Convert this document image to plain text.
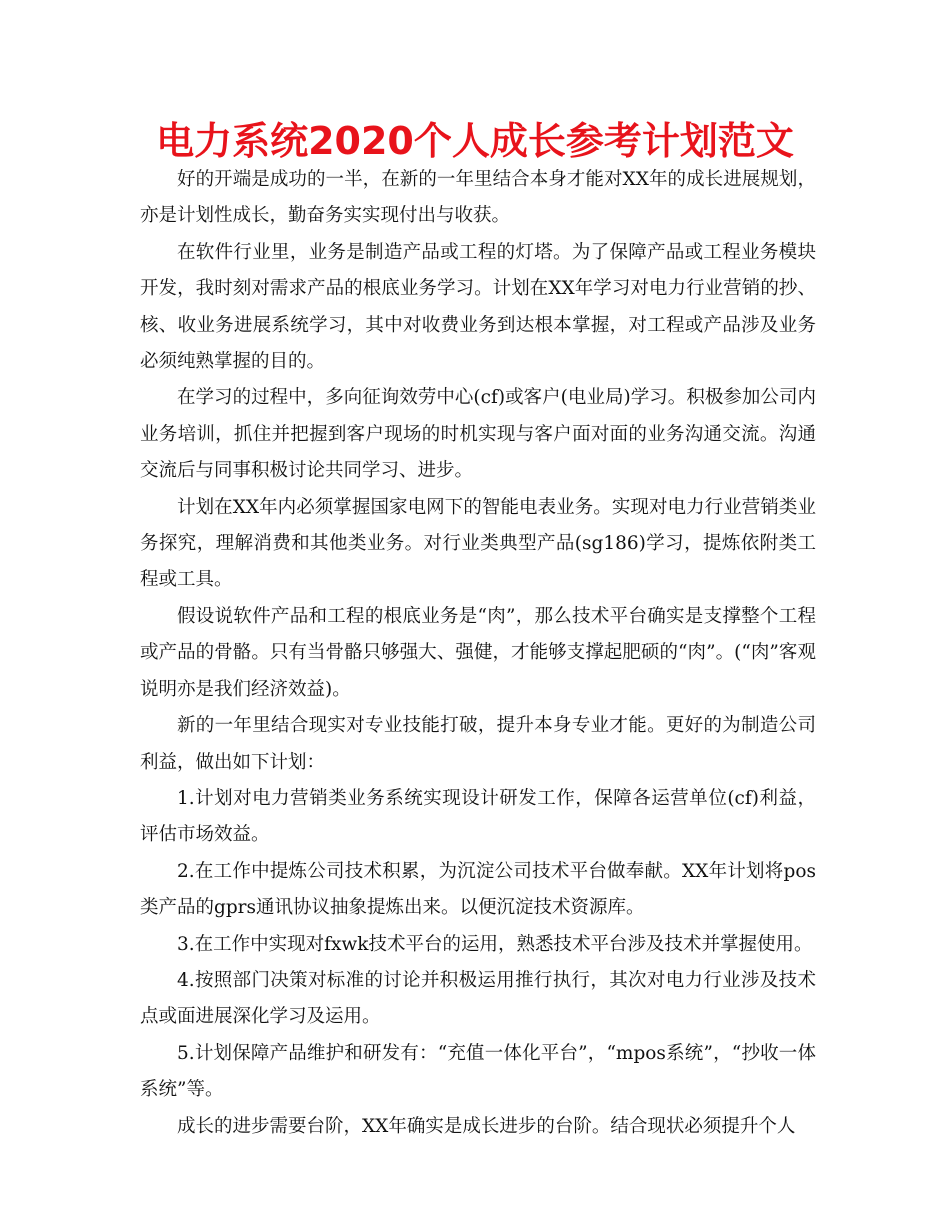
电力系统2020个人成长参考计划范文

好的开端是成功的一半，在新的一年里结合本身才能对XX年的成长进展规划，亦是计划性成长，勤奋务实实现付出与收获。

在软件行业里，业务是制造产品或工程的灯塔。为了保障产品或工程业务模块开发，我时刻对需求产品的根底业务学习。计划在XX年学习对电力行业营销的抄、核、收业务进展系统学习，其中对收费业务到达根本掌握，对工程或产品涉及业务必须纯熟掌握的目的。

在学习的过程中，多向征询效劳中心(cf)或客户(电业局)学习。积极参加公司内业务培训，抓住并把握到客户现场的时机实现与客户面对面的业务沟通交流。沟通交流后与同事积极讨论共同学习、进步。

计划在XX年内必须掌握国家电网下的智能电表业务。实现对电力行业营销类业务探究，理解消费和其他类业务。对行业类典型产品(sg186)学习，提炼依附类工程或工具。

假设说软件产品和工程的根底业务是“肉”，那么技术平台确实是支撑整个工程或产品的骨骼。只有当骨骼只够强大、强健，才能够支撑起肥硕的“肉”。(“肉”客观说明亦是我们经济效益)。

新的一年里结合现实对专业技能打破，提升本身专业才能。更好的为制造公司利益，做出如下计划：

1.计划对电力营销类业务系统实现设计研发工作，保障各运营单位(cf)利益，评估市场效益。

2.在工作中提炼公司技术积累，为沉淀公司技术平台做奉献。XX年计划将pos类产品的gprs通讯协议抽象提炼出来。以便沉淀技术资源库。

3.在工作中实现对fxwk技术平台的运用，熟悉技术平台涉及技术并掌握使用。

4.按照部门决策对标准的讨论并积极运用推行执行，其次对电力行业涉及技术点或面进展深化学习及运用。

5.计划保障产品维护和研发有：“充值一体化平台”，“mpos系统”，“抄收一体系统”等。

成长的进步需要台阶，XX年确实是成长进步的台阶。结合现状必须提升个人
